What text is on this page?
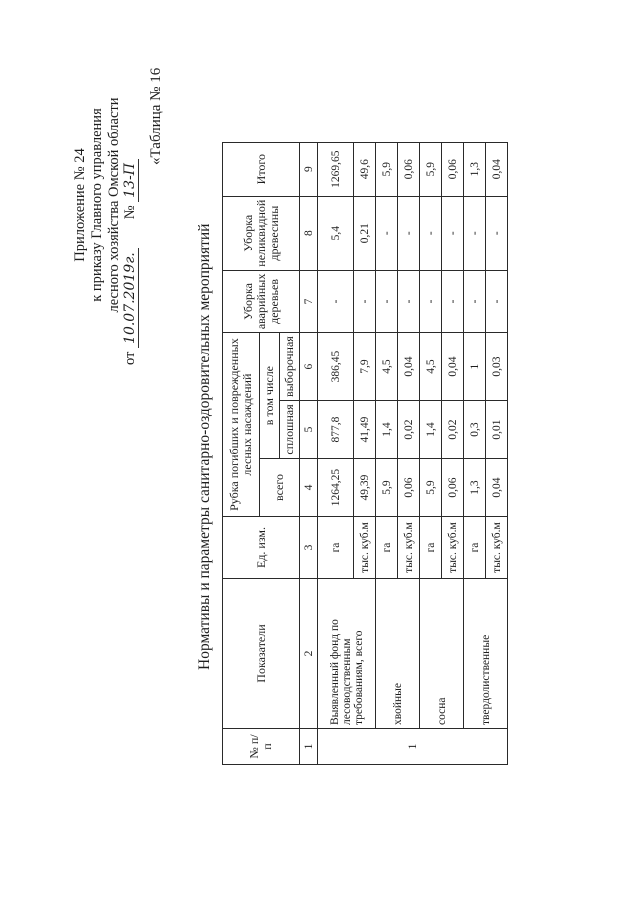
Приложение № 24 к приказу Главного управления лесного хозяйства Омской области
от 10.07.2019г.        № 13-П
«Таблица № 16
Нормативы и параметры санитарно-оздоровительных мероприятий
№ п/п	Показатели	Ед. изм.	Рубка погибших и поврежденных лесных насаждений			Уборка аварийных деревьев	Уборка неликвидной древесины	Итого
			всего	в том числе				
				сплошная	выборочная			
1	2	3	4	5	6	7	8	9
1	Выявленный фонд по лесоводственным требованиям, всего	га	1264,25	877,8	386,45	-	5,4	1269,65
		тыс. куб.м	49,39	41,49	7,9	-	0,21	49,6
	хвойные	га	5,9	1,4	4,5	-	-	5,9
		тыс. куб.м	0,06	0,02	0,04	-	-	0,06
	сосна	га	5,9	1,4	4,5	-	-	5,9
		тыс. куб.м	0,06	0,02	0,04	-	-	0,06
	твердолиственные	га	1,3	0,3	1	-	-	1,3
		тыс. куб.м	0,04	0,01	0,03	-	-	0,04
